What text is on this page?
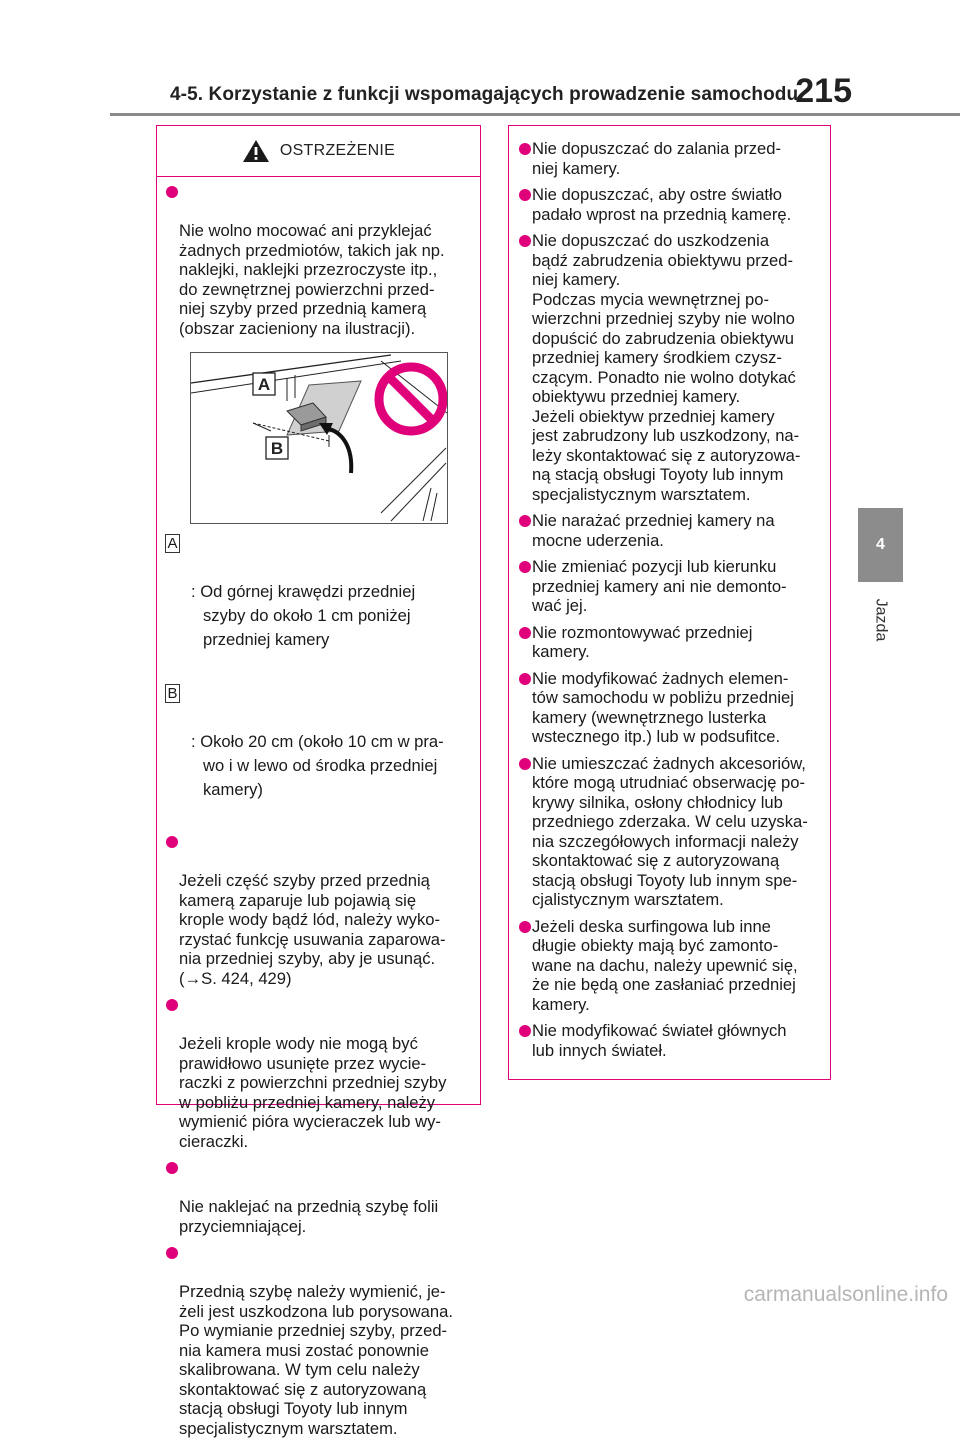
4-5. Korzystanie z funkcji wspomagających prowadzenie samochodu
215
4
Jazda
OSTRZEŻENIE

Nie wolno mocować ani przyklejać
żadnych przedmiotów, takich jak np.
naklejki, naklejki przezroczyste itp.,
do zewnętrznej powierzchni przed-
niej szyby przed przednią kamerą
(obszar zacieniony na ilustracji).

A
B

A

: Od górnej krawędzi przedniej
szyby do około 1 cm poniżej
przedniej kamery

B

: Około 20 cm (około 10 cm w pra-
wo i w lewo od środka przedniej
kamery)

Jeżeli część szyby przed przednią
kamerą zaparuje lub pojawią się
krople wody bądź lód, należy wyko-
rzystać funkcję usuwania zaparowa-
nia przedniej szyby, aby je usunąć.
(→S. 424, 429)

Jeżeli krople wody nie mogą być
prawidłowo usunięte przez wycie-
raczki z powierzchni przedniej szyby
w pobliżu przedniej kamery, należy
wymienić pióra wycieraczek lub wy-
cieraczki.

Nie naklejać na przednią szybę folii
przyciemniającej.

Przednią szybę należy wymienić, je-
żeli jest uszkodzona lub porysowana.
Po wymianie przedniej szyby, przed-
nia kamera musi zostać ponownie
skalibrowana. W tym celu należy
skontaktować się z autoryzowaną
stacją obsługi Toyoty lub innym
specjalistycznym warsztatem.

Nie dopuszczać do zalania przed-
niej kamery.
Nie dopuszczać, aby ostre światło
padało wprost na przednią kamerę.
Nie dopuszczać do uszkodzenia
bądź zabrudzenia obiektywu przed-
niej kamery.
Podczas mycia wewnętrznej po-
wierzchni przedniej szyby nie wolno
dopuścić do zabrudzenia obiektywu
przedniej kamery środkiem czysz-
czącym. Ponadto nie wolno dotykać
obiektywu przedniej kamery.
Jeżeli obiektyw przedniej kamery
jest zabrudzony lub uszkodzony, na-
leży skontaktować się z autoryzowa-
ną stacją obsługi Toyoty lub innym
specjalistycznym warsztatem.
Nie narażać przedniej kamery na
mocne uderzenia.
Nie zmieniać pozycji lub kierunku
przedniej kamery ani nie demonto-
wać jej.
Nie rozmontowywać przedniej
kamery.
Nie modyfikować żadnych elemen-
tów samochodu w pobliżu przedniej
kamery (wewnętrznego lusterka
wstecznego itp.) lub w podsufitce.
Nie umieszczać żadnych akcesoriów,
które mogą utrudniać obserwację po-
krywy silnika, osłony chłodnicy lub
przedniego zderzaka. W celu uzyska-
nia szczegółowych informacji należy
skontaktować się z autoryzowaną
stacją obsługi Toyoty lub innym spe-
cjalistycznym warsztatem.
Jeżeli deska surfingowa lub inne
długie obiekty mają być zamonto-
wane na dachu, należy upewnić się,
że nie będą one zasłaniać przedniej
kamery.
Nie modyfikować świateł głównych
lub innych świateł.
carmanualsonline.info
